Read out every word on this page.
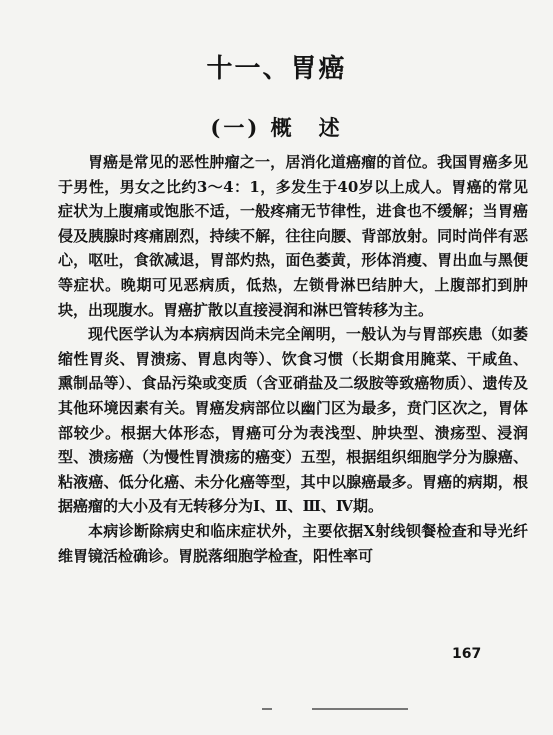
十一、胃癌
(一) 概　述

胃癌是常见的恶性肿瘤之一，居消化道癌瘤的首位。我国胃癌多见于男性，男女之比约3～4：1，多发生于40岁以上成人。胃癌的常见症状为上腹痛或饱胀不适，一般疼痛无节律性，进食也不缓解；当胃癌侵及胰腺时疼痛剧烈，持续不解，往往向腰、背部放射。同时尚伴有恶心，呕吐，食欲减退，胃部灼热，面色萎黄，形体消瘦、胃出血与黑便等症状。晚期可见恶病质，低热，左锁骨淋巴结肿大，上腹部扪到肿块，出现腹水。胃癌扩散以直接浸润和淋巴管转移为主。

现代医学认为本病病因尚未完全阐明，一般认为与胃部疾患（如萎缩性胃炎、胃溃疡、胃息肉等）、饮食习惯（长期食用腌菜、干咸鱼、熏制品等）、食品污染或变质（含亚硝盐及二级胺等致癌物质）、遗传及其他环境因素有关。胃癌发病部位以幽门区为最多，贲门区次之，胃体部较少。根据大体形态，胃癌可分为表浅型、肿块型、溃疡型、浸润型、溃疡癌（为慢性胃溃疡的癌变）五型，根据组织细胞学分为腺癌、粘液癌、低分化癌、未分化癌等型，其中以腺癌最多。胃癌的病期，根据癌瘤的大小及有无转移分为Ⅰ、Ⅱ、Ⅲ、Ⅳ期。

本病诊断除病史和临床症状外，主要依据X射线钡餐检查和导光纤维胃镜活检确诊。胃脱落细胞学检查，阳性率可

167
